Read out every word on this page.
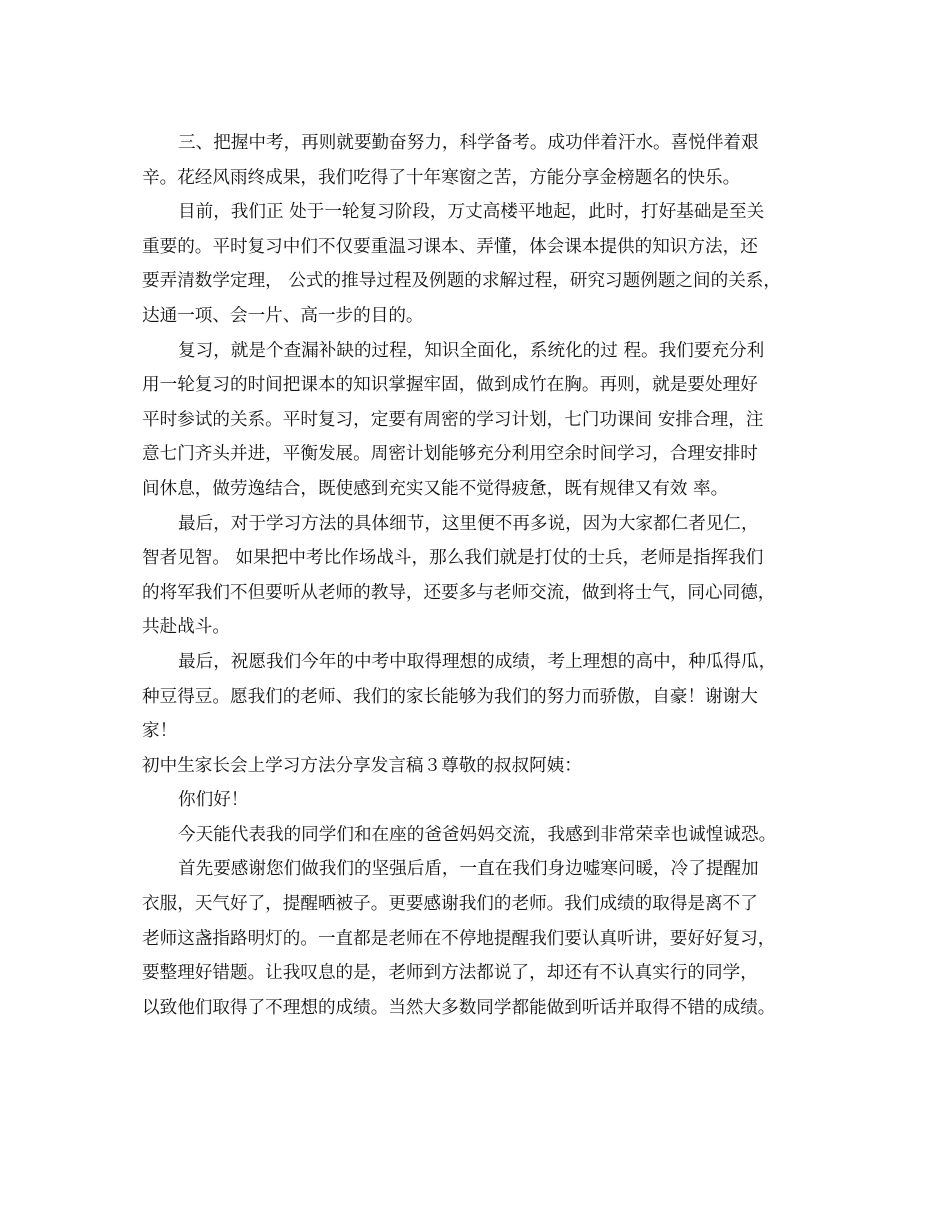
三、把握中考，再则就要勤奋努力，科学备考。成功伴着汗水。喜悦伴着艰
辛。花经风雨终成果，我们吃得了十年寒窗之苦，方能分享金榜题名的快乐。
目前，我们正 处于一轮复习阶段，万丈高楼平地起，此时，打好基础是至关
重要的。平时复习中们不仅要重温习课本、弄懂，体会课本提供的知识方法，还
要弄清数学定理， 公式的推导过程及例题的求解过程，研究习题例题之间的关系，
达通一项、会一片、高一步的目的。
复习，就是个查漏补缺的过程，知识全面化，系统化的过 程。我们要充分利
用一轮复习的时间把课本的知识掌握牢固，做到成竹在胸。再则，就是要处理好
平时参试的关系。平时复习，定要有周密的学习计划，七门功课间 安排合理，注
意七门齐头并进，平衡发展。周密计划能够充分利用空余时间学习，合理安排时
间休息，做劳逸结合，既使感到充实又能不觉得疲惫，既有规律又有效 率。
最后，对于学习方法的具体细节，这里便不再多说，因为大家都仁者见仁，
智者见智。 如果把中考比作场战斗，那么我们就是打仗的士兵，老师是指挥我们
的将军我们不但要听从老师的教导，还要多与老师交流，做到将士气，同心同德，
共赴战斗。
最后，祝愿我们今年的中考中取得理想的成绩，考上理想的高中，种瓜得瓜，
种豆得豆。愿我们的老师、我们的家长能够为我们的努力而骄傲，自豪！谢谢大
家！
初中生家长会上学习方法分享发言稿３尊敬的叔叔阿姨：
你们好！
今天能代表我的同学们和在座的爸爸妈妈交流，我感到非常荣幸也诚惶诚恐。
首先要感谢您们做我们的坚强后盾，一直在我们身边嘘寒问暖，冷了提醒加
衣服，天气好了，提醒晒被子。更要感谢我们的老师。我们成绩的取得是离不了
老师这盏指路明灯的。一直都是老师在不停地提醒我们要认真听讲，要好好复习，
要整理好错题。让我叹息的是，老师到方法都说了，却还有不认真实行的同学，
以致他们取得了不理想的成绩。当然大多数同学都能做到听话并取得不错的成绩。
